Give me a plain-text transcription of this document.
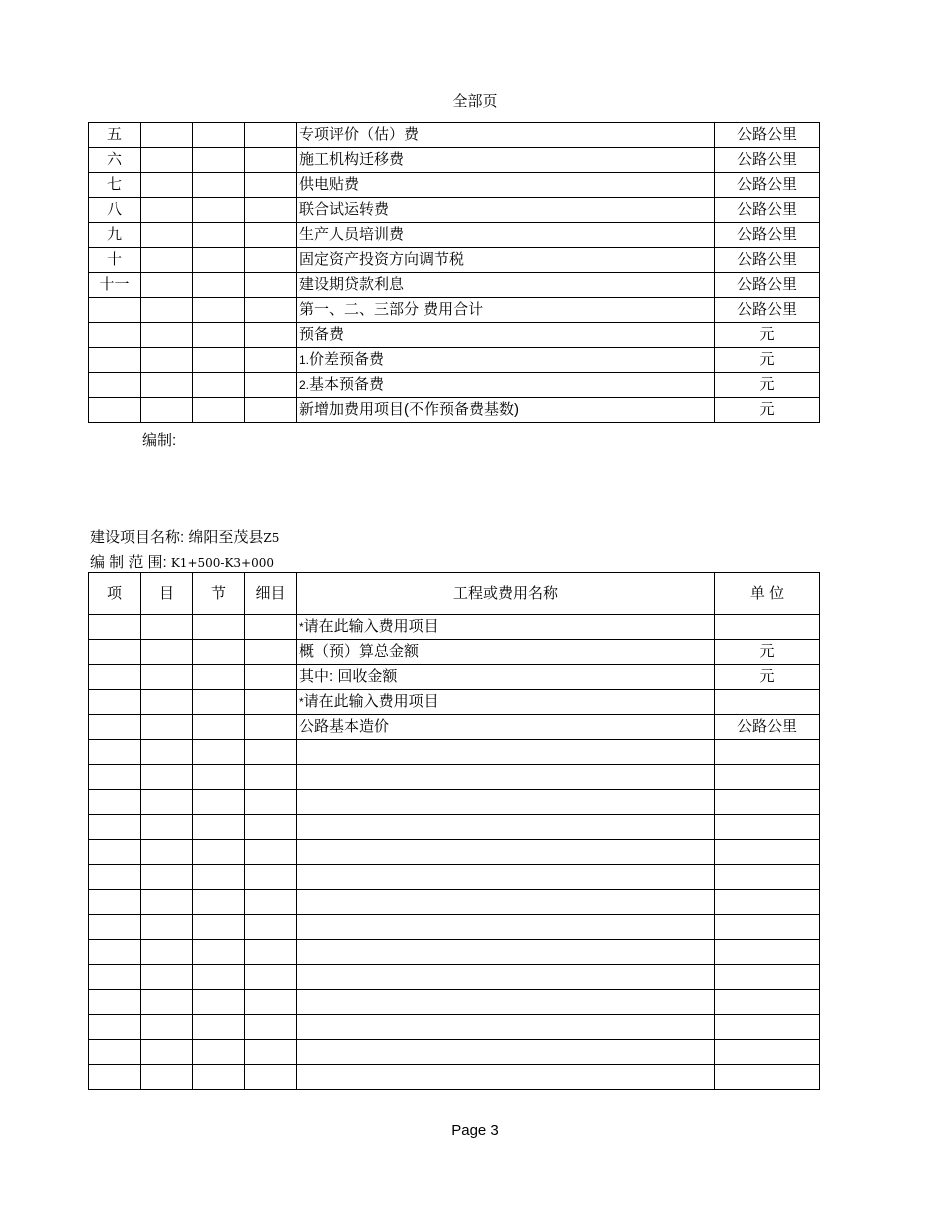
全部页
五				专项评价（估）费	公路公里
六				施工机构迁移费	公路公里
七				供电贴费	公路公里
八				联合试运转费	公路公里
九				生产人员培训费	公路公里
十				固定资产投资方向调节税	公路公里
十一				建设期贷款利息	公路公里
				第一、二、三部分 费用合计	公路公里
				预备费	元
				1.价差预备费	元
				2.基本预备费	元
				新增加费用项目(不作预备费基数)	元
编制:
建设项目名称: 绵阳至茂县Z5
编 制 范 围: K1+500-K3+000
项	目	节	细目	工程或费用名称	单 位
				*请在此输入费用项目	
				概（预）算总金额	元
				其中: 回收金额	元
				*请在此输入费用项目	
				公路基本造价	公路公里

Page 3
